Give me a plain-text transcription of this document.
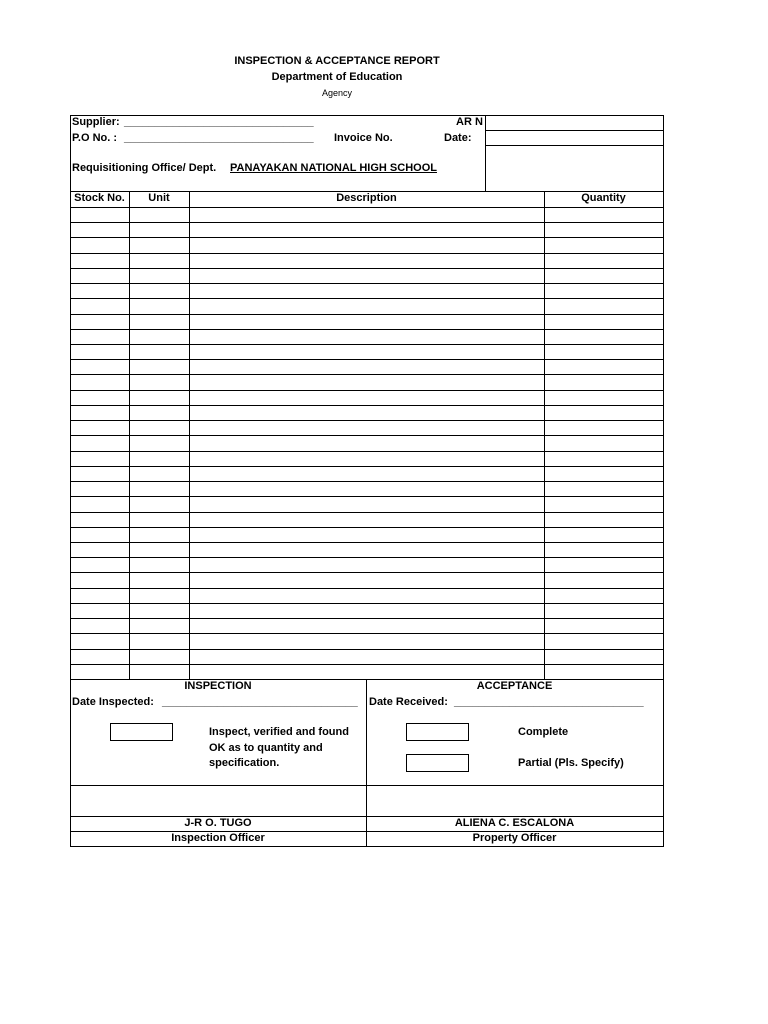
INSPECTION & ACCEPTANCE REPORT
Department of Education
Agency
Supplier: _______________________________	AR N
P.O No. : _______________________________ Invoice No.	Date:
Requisitioning Office/ Dept. PANAYAKAN NATIONAL HIGH SCHOOL
Stock No.	Unit	Description	Quantity
INSPECTION	ACCEPTANCE
Date Inspected: ________________________________ Date Received: _______________________________
Inspect, verified and found
OK as to quantity and
specification.
Complete
Partial (Pls. Specify)
J-R O. TUGO	ALIENA C. ESCALONA
Inspection Officer	Property Officer
